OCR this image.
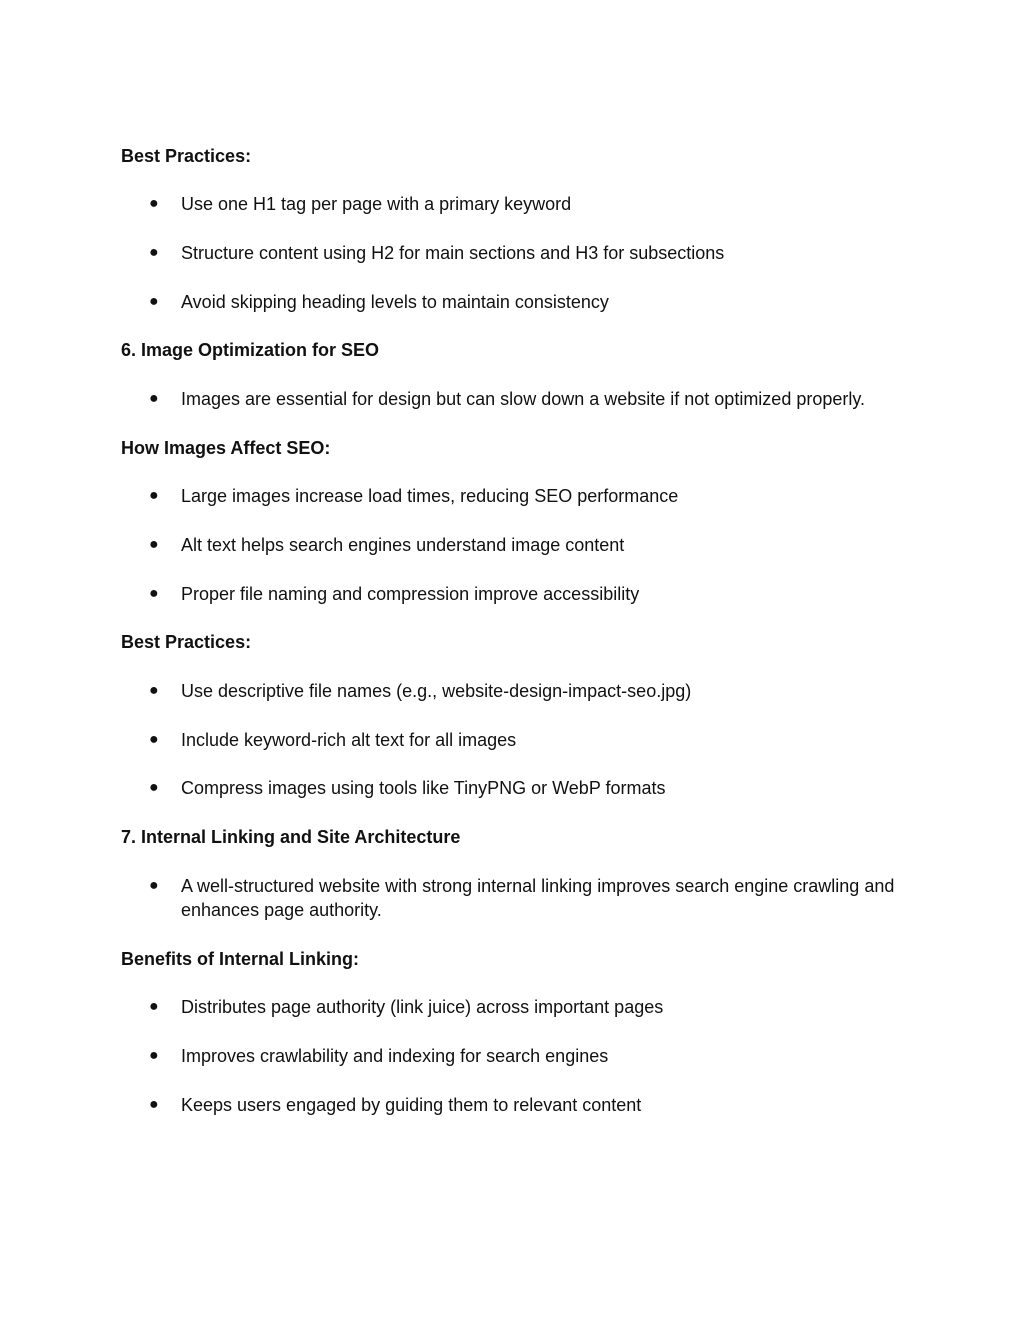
Best Practices:
● Use one H1 tag per page with a primary keyword
● Structure content using H2 for main sections and H3 for subsections
● Avoid skipping heading levels to maintain consistency
6. Image Optimization for SEO
● Images are essential for design but can slow down a website if not optimized properly.
How Images Affect SEO:
● Large images increase load times, reducing SEO performance
● Alt text helps search engines understand image content
● Proper file naming and compression improve accessibility
Best Practices:
● Use descriptive file names (e.g., website-design-impact-seo.jpg)
● Include keyword-rich alt text for all images
● Compress images using tools like TinyPNG or WebP formats
7. Internal Linking and Site Architecture
● A well-structured website with strong internal linking improves search engine crawling and enhances page authority.
Benefits of Internal Linking:
● Distributes page authority (link juice) across important pages
● Improves crawlability and indexing for search engines
● Keeps users engaged by guiding them to relevant content
